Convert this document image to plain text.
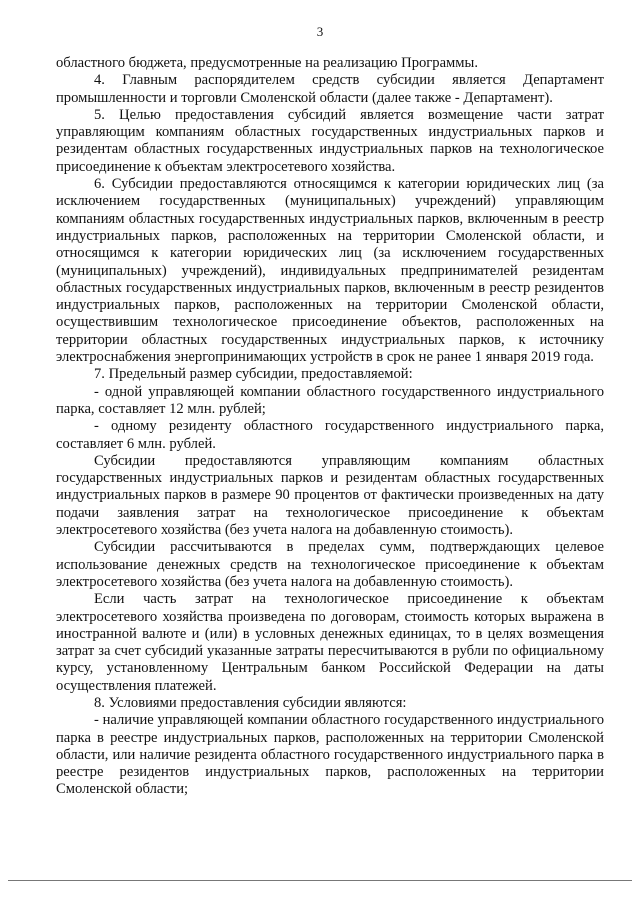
3

областного бюджета, предусмотренные на реализацию Программы.

4. Главным распорядителем средств субсидии является Департамент промышленности и торговли Смоленской области (далее также - Департамент).

5. Целью предоставления субсидий является возмещение части затрат управляющим компаниям областных государственных индустриальных парков и резидентам областных государственных индустриальных парков на технологическое присоединение к объектам электросетевого хозяйства.

6. Субсидии предоставляются относящимся к категории юридических лиц (за исключением государственных (муниципальных) учреждений) управляющим компаниям областных государственных индустриальных парков, включенным в реестр индустриальных парков, расположенных на территории Смоленской области, и относящимся к категории юридических лиц (за исключением государственных (муниципальных) учреждений), индивидуальных предпринимателей резидентам областных государственных индустриальных парков, включенным в реестр резидентов индустриальных парков, расположенных на территории Смоленской области, осуществившим технологическое присоединение объектов, расположенных на территории областных государственных индустриальных парков, к источнику электроснабжения энергопринимающих устройств в срок не ранее 1 января 2019 года.

7. Предельный размер субсидии, предоставляемой:

- одной управляющей компании областного государственного индустриального парка, составляет 12 млн. рублей;

- одному резиденту областного государственного индустриального парка, составляет 6 млн. рублей.

Субсидии предоставляются управляющим компаниям областных государственных индустриальных парков и резидентам областных государственных индустриальных парков в размере 90 процентов от фактически произведенных на дату подачи заявления затрат на технологическое присоединение к объектам электросетевого хозяйства (без учета налога на добавленную стоимость).

Субсидии рассчитываются в пределах сумм, подтверждающих целевое использование денежных средств на технологическое присоединение к объектам электросетевого хозяйства (без учета налога на добавленную стоимость).

Если часть затрат на технологическое присоединение к объектам электросетевого хозяйства произведена по договорам, стоимость которых выражена в иностранной валюте и (или) в условных денежных единицах, то в целях возмещения затрат за счет субсидий указанные затраты пересчитываются в рубли по официальному курсу, установленному Центральным банком Российской Федерации на даты осуществления платежей.

8. Условиями предоставления субсидии являются:

- наличие управляющей компании областного государственного индустриального парка в реестре индустриальных парков, расположенных на территории Смоленской области, или наличие резидента областного государственного индустриального парка в реестре резидентов индустриальных парков, расположенных на территории Смоленской области;
